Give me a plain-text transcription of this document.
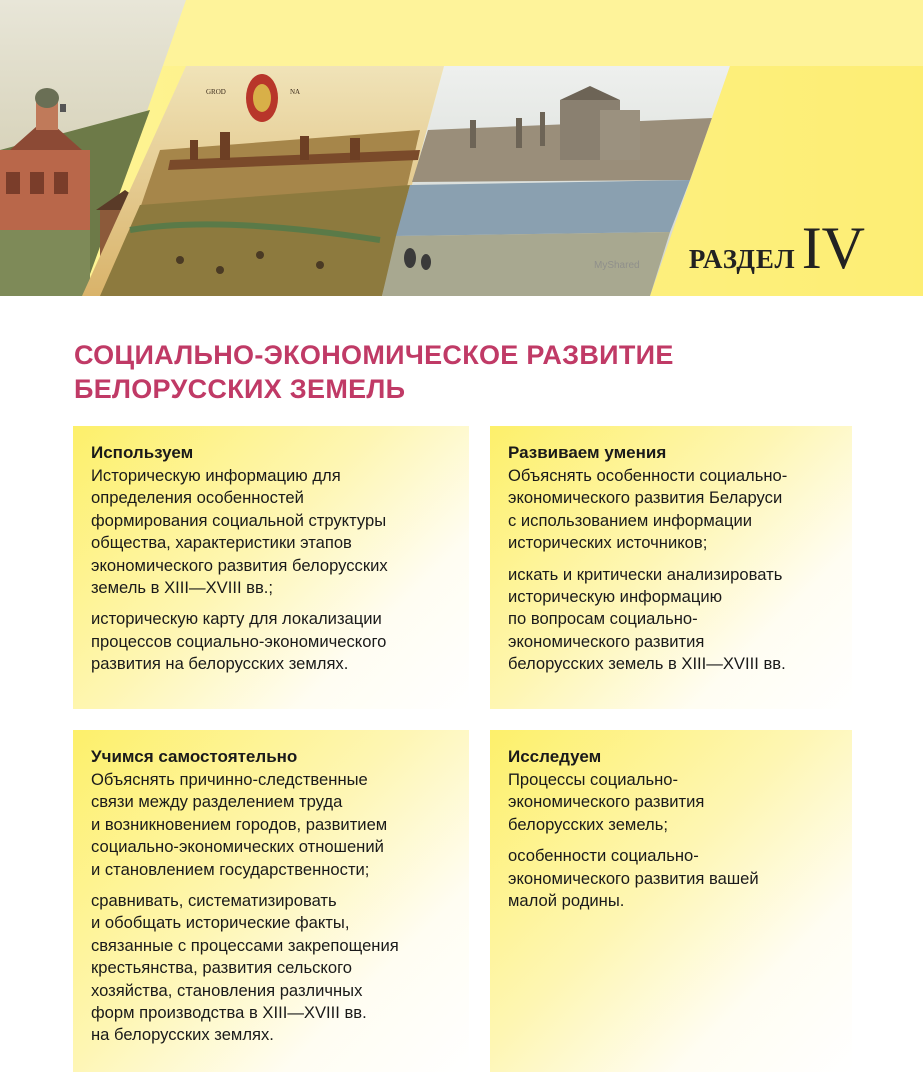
GROD	NA
MyShared РАЗДЕЛ IV
СОЦИАЛЬНО-ЭКОНОМИЧЕСКОЕ РАЗВИТИЕ
БЕЛОРУССКИХ ЗЕМЕЛЬ
Используем

Историческую информацию для
определения особенностей
формирования социальной структуры
общества, характеристики этапов
экономического развития белорусских
земель в XIII—XVIII вв.;

историческую карту для локализации
процессов социально-экономического
развития на белорусских землях.

Развиваем умения

Объяснять особенности социально-
экономического развития Беларуси
с использованием информации
исторических источников;

искать и критически анализировать
историческую информацию
по вопросам социально-
экономического развития
белорусских земель в XIII—XVIII вв.

Учимся самостоятельно

Объяснять причинно-следственные
связи между разделением труда
и возникновением городов, развитием
социально-экономических отношений
и становлением государственности;

сравнивать, систематизировать
и обобщать исторические факты,
связанные с процессами закрепощения
крестьянства, развития сельского
хозяйства, становления различных
форм производства в XIII—XVIII вв.
на белорусских землях.

Исследуем

Процессы социально-
экономического развития
белорусских земель;

особенности социально-
экономического развития вашей
малой родины.
